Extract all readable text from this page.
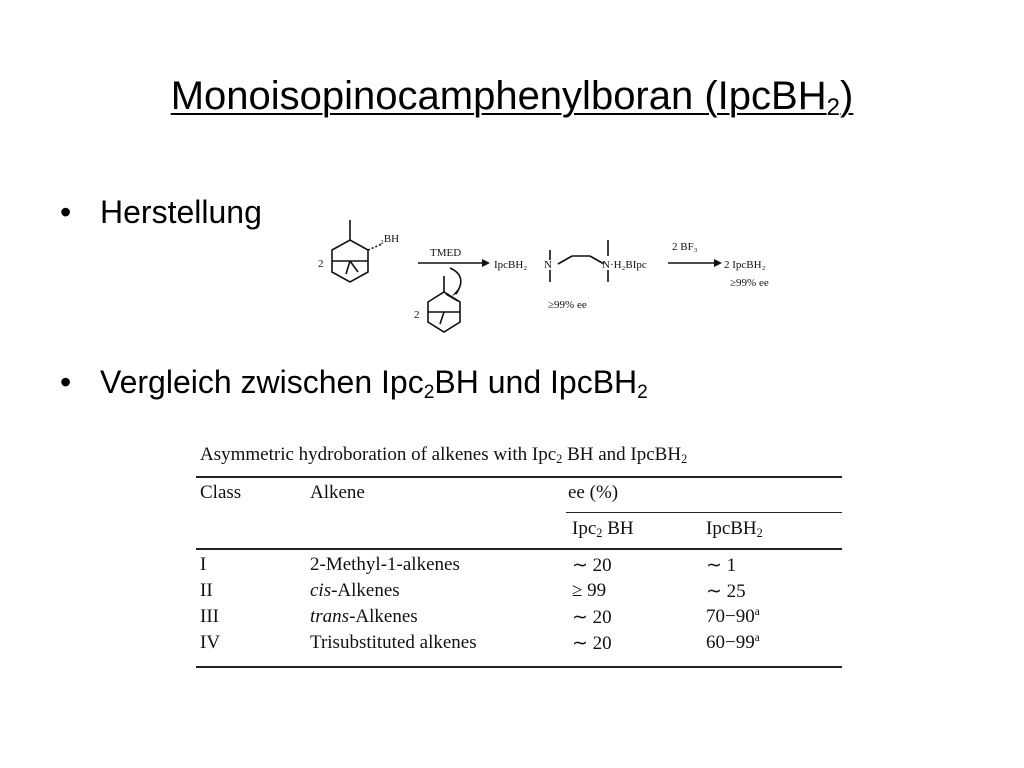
Monoisopinocamphenylboran (IpcBH$_2$)
• Herstellung
₂BH
2
2
TMED
IpcBH₂ N	N·H₂BIpc
≥99% ee
2 BF₃
2 IpcBH₂
≥99% ee
• Vergleich zwischen Ipc$_2$BH und IpcBH$_2$
Asymmetric hydroboration of alkenes with Ipc$_2$ BH and IpcBH$_2$
Class	Alkene	ee (%)
Ipc$_2$ BH	IpcBH$_2$
I	2-Methyl-1-alkenes	∼ 20	∼ 1
II	cis-Alkenes	≥ 99	∼ 25
III	trans-Alkenes	∼ 20	$70-90^a$
IV	Trisubstituted alkenes	∼ 20	$60-99^a$
